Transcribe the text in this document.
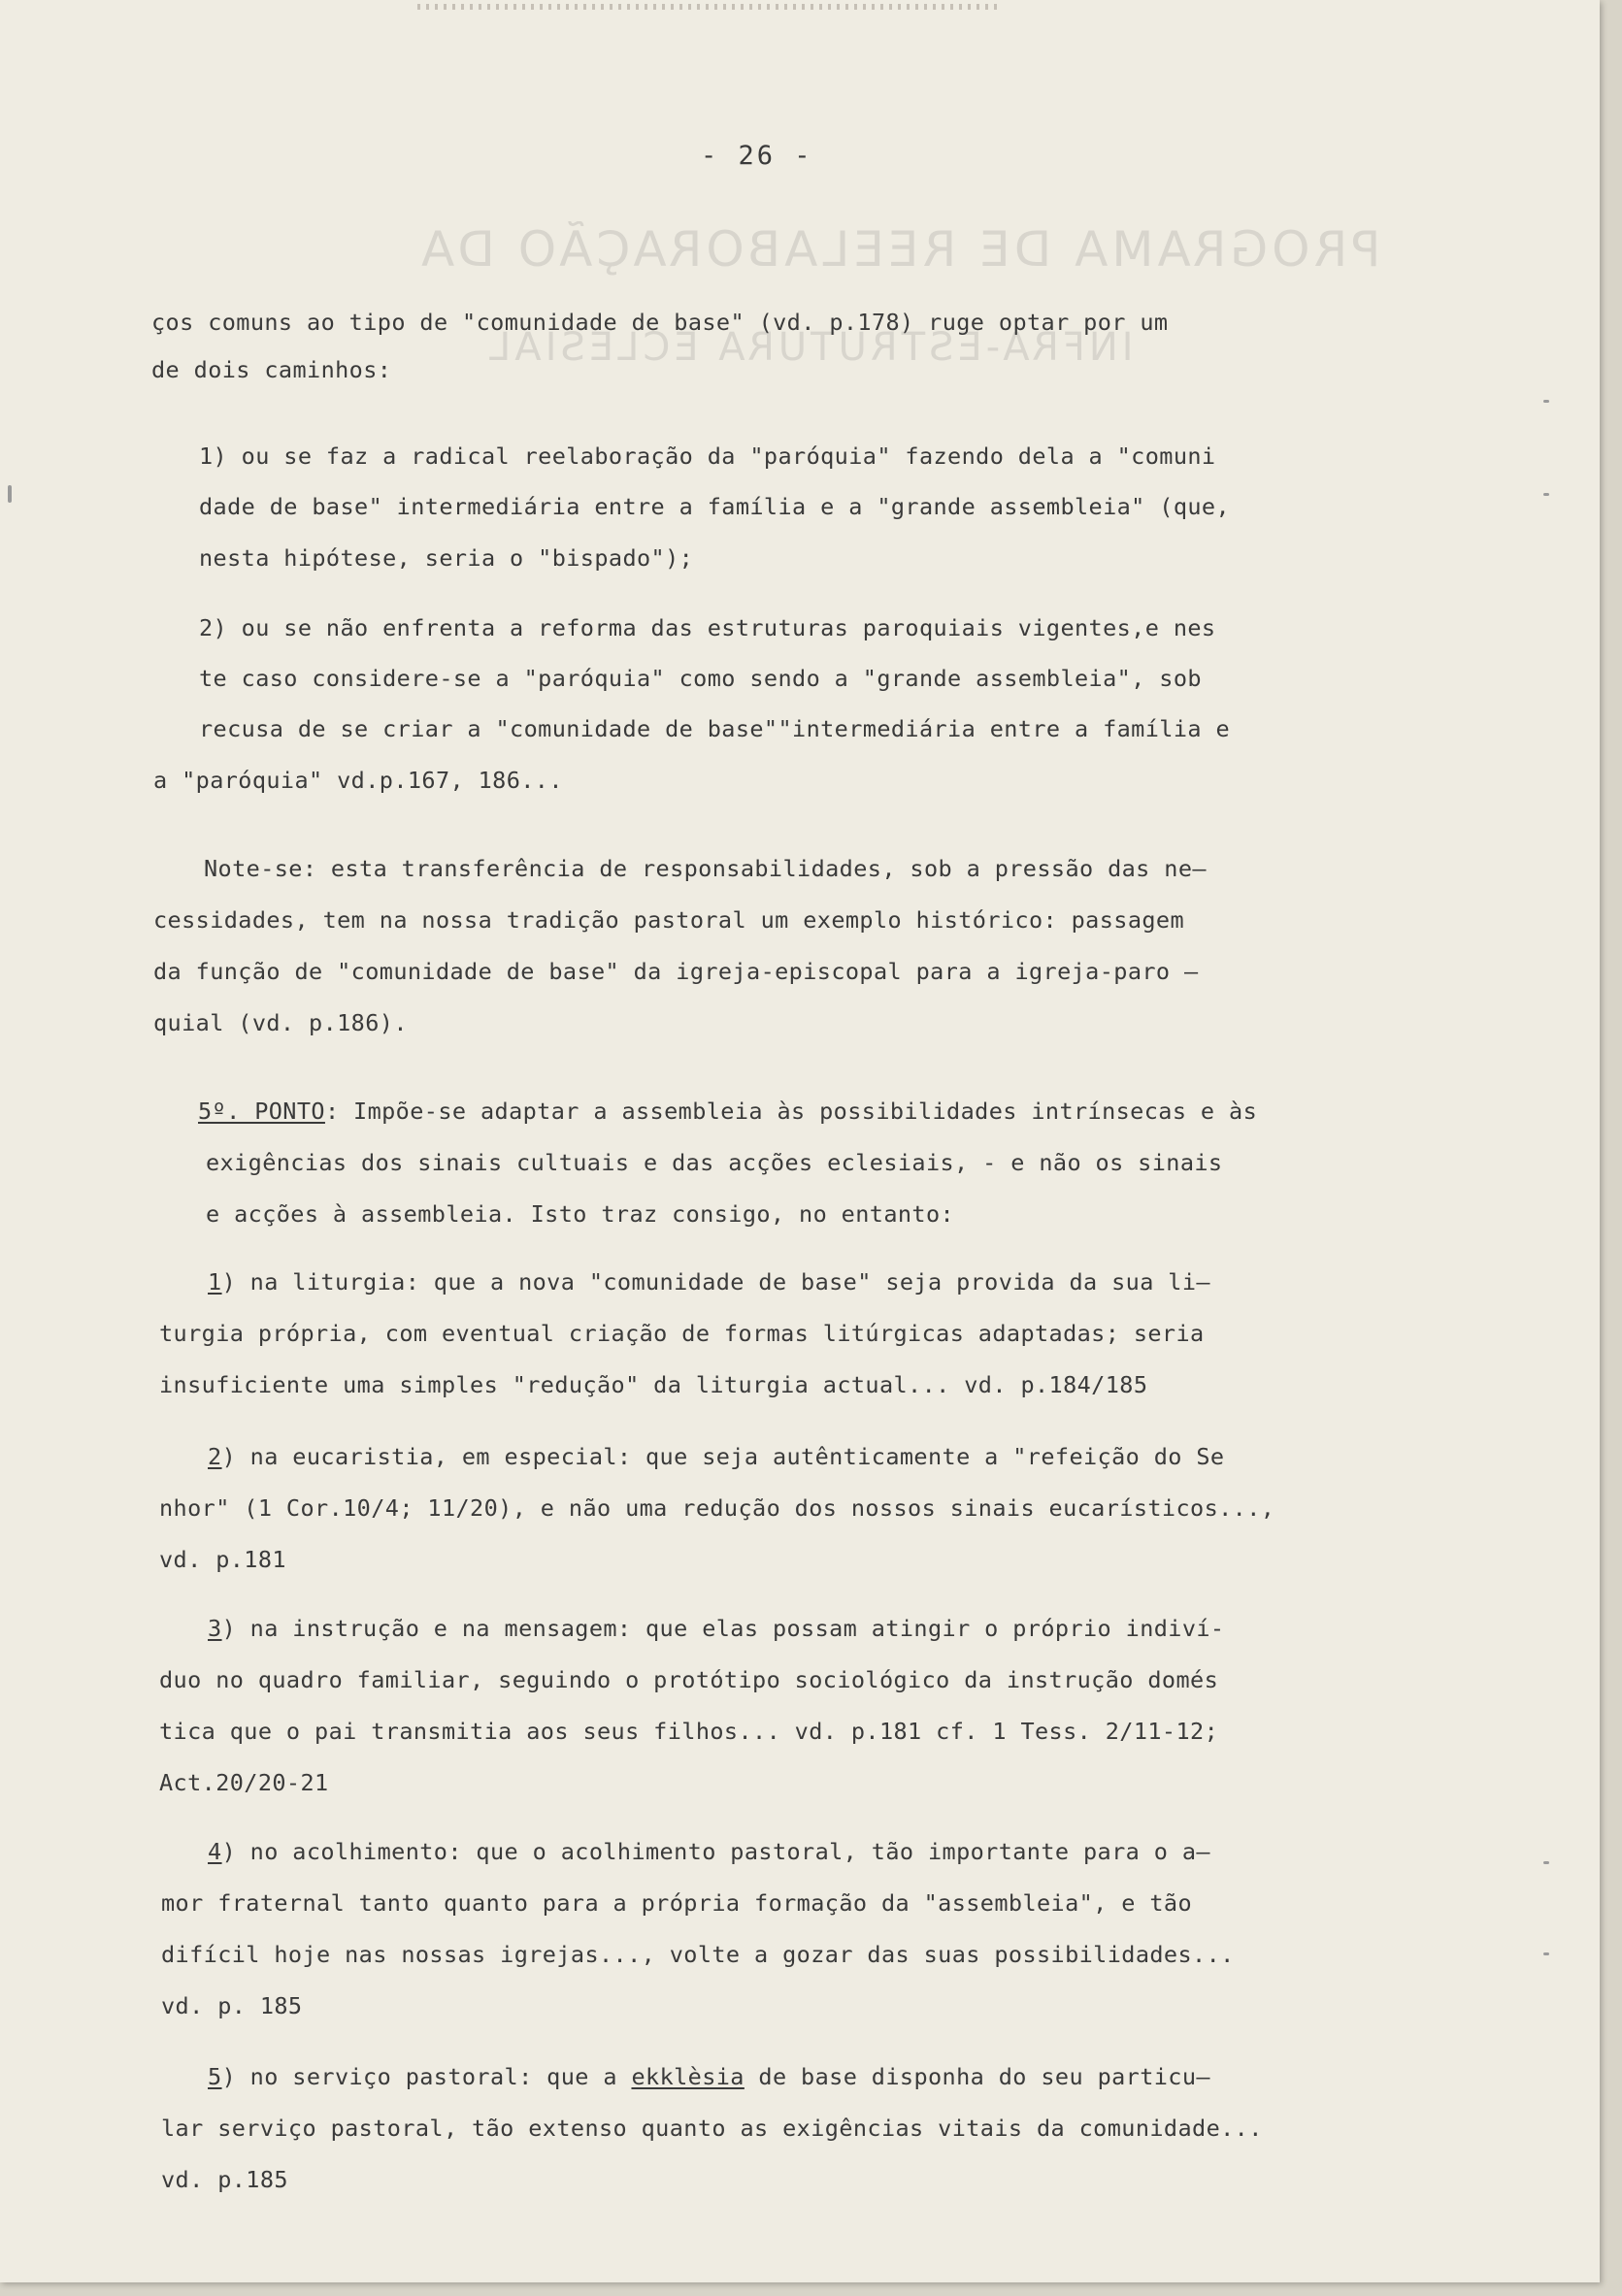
PROGRAMA DE REELABORAÇÃO DA
INFRA-ESTRUTURA ECLESIAL
- 26 -
ços comuns ao tipo de "comunidade de base" (vd. p.178) ruge optar por um
de dois caminhos:
1) ou se faz a radical reelaboração da "paróquia" fazendo dela a "comuni
dade de base" intermediária entre a família e a "grande assembleia" (que,
nesta hipótese, seria o "bispado");
2) ou se não enfrenta a reforma das estruturas paroquiais vigentes,e nes
te caso considere-se a "paróquia" como sendo a "grande assembleia", sob
recusa de se criar a "comunidade de base""intermediária entre a família e
a "paróquia" vd.p.167, 186...
Note-se: esta transferência de responsabilidades, sob a pressão das ne—
cessidades, tem na nossa tradição pastoral um exemplo histórico: passagem
da função de "comunidade de base" da igreja-episcopal para a igreja-paro —
quial (vd. p.186).
5º. PONTO: Impõe-se adaptar a assembleia às possibilidades intrínsecas e às
exigências dos sinais cultuais e das acções eclesiais, - e não os sinais
e acções à assembleia. Isto traz consigo, no entanto:
1) na liturgia: que a nova "comunidade de base" seja provida da sua li—
turgia própria, com eventual criação de formas litúrgicas adaptadas; seria
insuficiente uma simples "redução" da liturgia actual... vd. p.184/185
2) na eucaristia, em especial: que seja autênticamente a "refeição do Se
nhor" (1 Cor.10/4; 11/20), e não uma redução dos nossos sinais eucarísticos...,
vd. p.181
3) na instrução e na mensagem: que elas possam atingir o próprio indiví-
duo no quadro familiar, seguindo o protótipo sociológico da instrução domés
tica que o pai transmitia aos seus filhos... vd. p.181 cf. 1 Tess. 2/11-12;
Act.20/20-21
4) no acolhimento: que o acolhimento pastoral, tão importante para o a—
mor fraternal tanto quanto para a própria formação da "assembleia", e tão
difícil hoje nas nossas igrejas..., volte a gozar das suas possibilidades...
vd. p. 185
5) no serviço pastoral: que a ekklèsia de base disponha do seu particu—
lar serviço pastoral, tão extenso quanto as exigências vitais da comunidade...
vd. p.185
